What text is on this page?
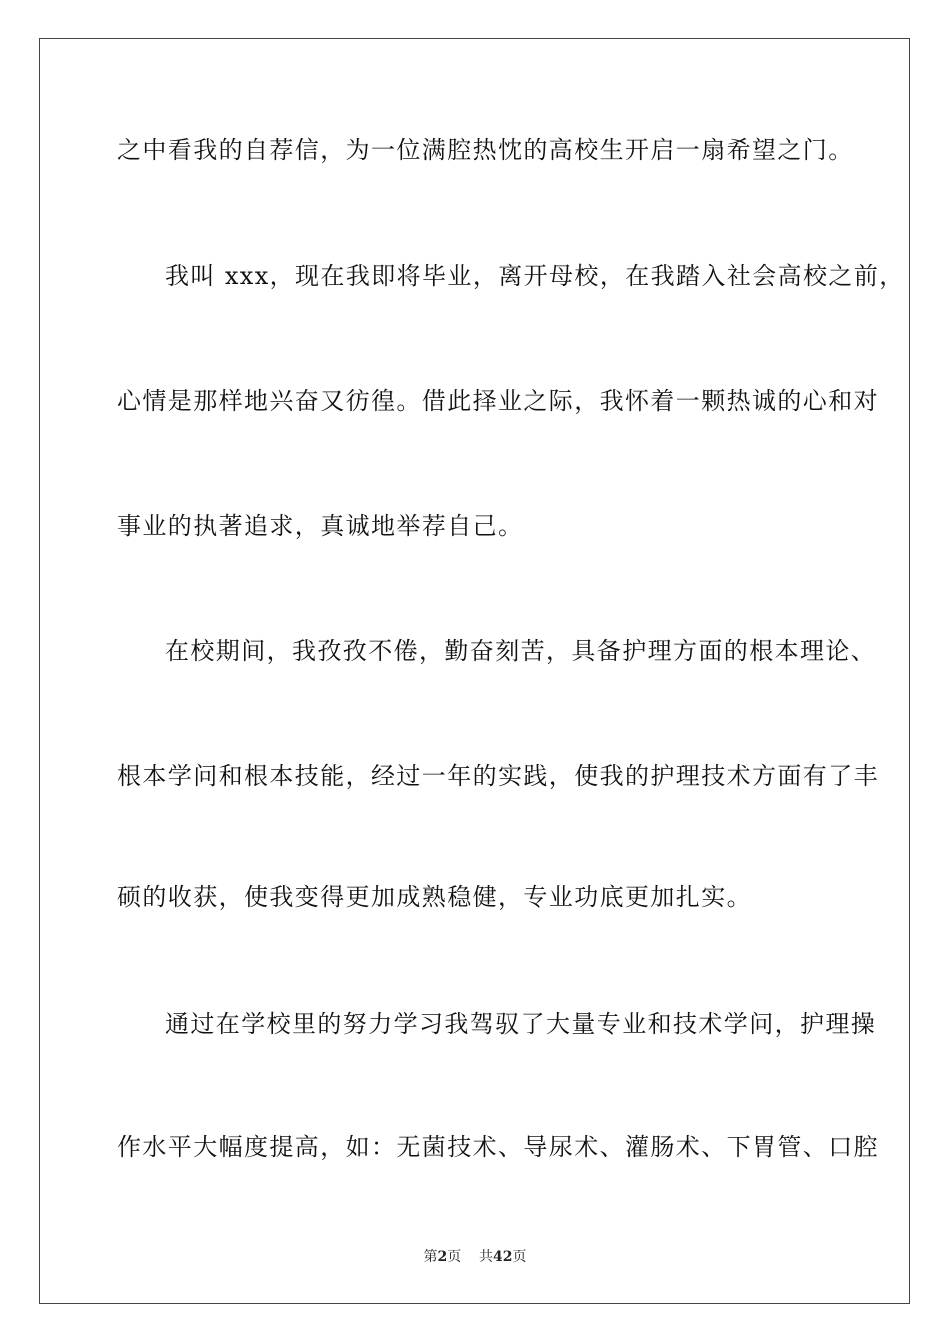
之中看我的自荐信，为一位满腔热忱的高校生开启一扇希望之门。
我叫 xxx，现在我即将毕业，离开母校，在我踏入社会高校之前，
心情是那样地兴奋又彷徨。借此择业之际，我怀着一颗热诚的心和对
事业的执著追求，真诚地举荐自己。
在校期间，我孜孜不倦，勤奋刻苦，具备护理方面的根本理论、
根本学问和根本技能，经过一年的实践，使我的护理技术方面有了丰
硕的收获，使我变得更加成熟稳健，专业功底更加扎实。
通过在学校里的努力学习我驾驭了大量专业和技术学问，护理操
作水平大幅度提高，如：无菌技术、导尿术、灌肠术、下胃管、口腔
第2页 共42页
